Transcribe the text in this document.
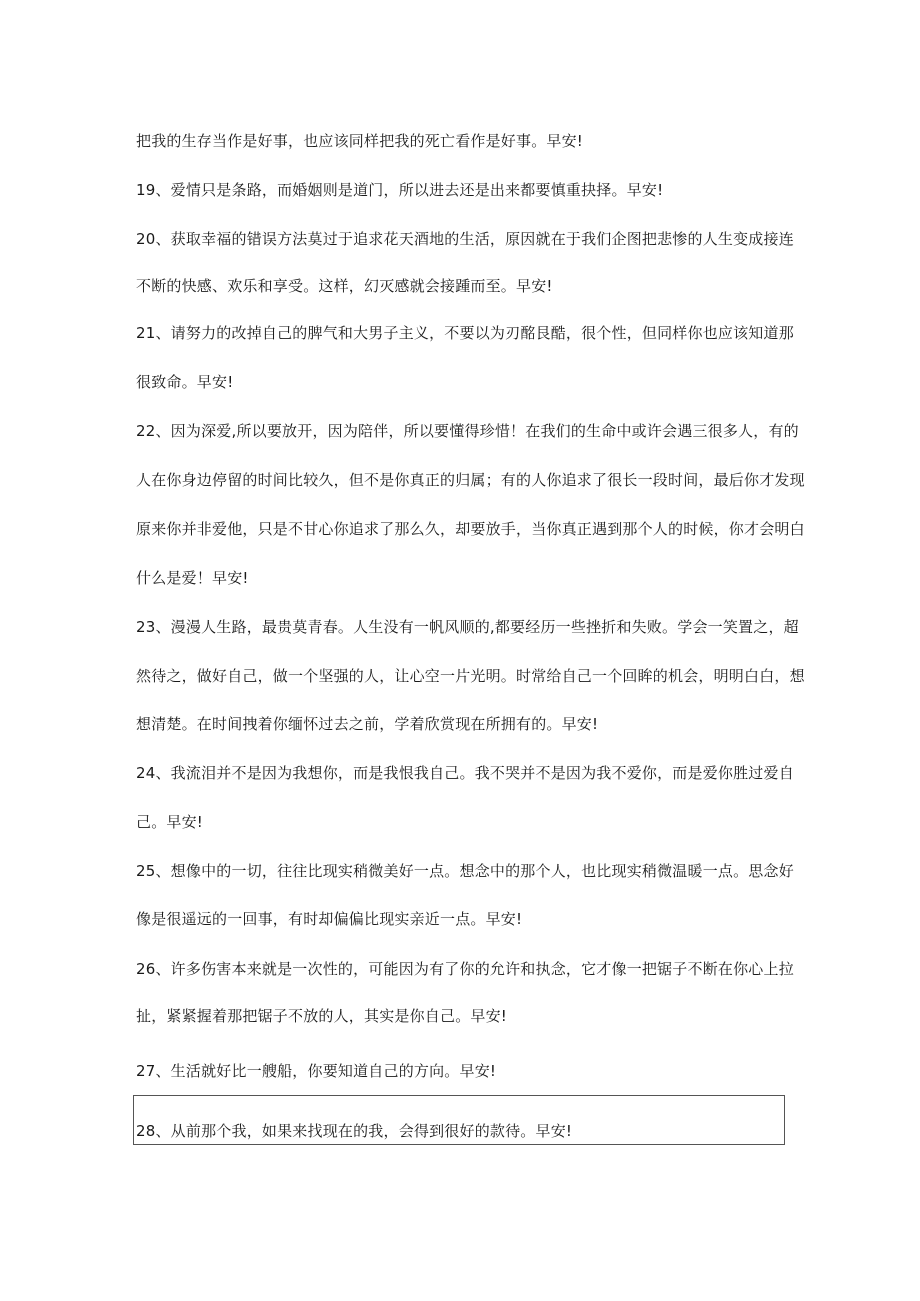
把我的生存当作是好事，也应该同样把我的死亡看作是好事。早安!
19、爱情只是条路，而婚姻则是道门，所以进去还是出来都要慎重抉择。早安!
20、获取幸福的错误方法莫过于追求花天酒地的生活，原因就在于我们企图把悲惨的人生变成接连
不断的快感、欢乐和享受。这样，幻灭感就会接踵而至。早安!
21、请努力的改掉自己的脾气和大男子主义，不要以为刃酩艮酷，很个性，但同样你也应该知道那
很致命。早安!
22、因为深爱,所以要放开，因为陪伴，所以要懂得珍惜！在我们的生命中或许会遇三很多人，有的
人在你身边停留的时间比较久，但不是你真正的归属；有的人你追求了很长一段时间，最后你才发现
原来你并非爱他，只是不甘心你追求了那么久，却要放手，当你真正遇到那个人的时候，你才会明白
什么是爱！早安!
23、漫漫人生路，最贵莫青春。人生没有一帆风顺的,都要经历一些挫折和失败。学会一笑置之，超
然待之，做好自己，做一个坚强的人，让心空一片光明。时常给自己一个回眸的机会，明明白白，想
想清楚。在时间拽着你缅怀过去之前，学着欣赏现在所拥有的。早安!
24、我流泪并不是因为我想你，而是我恨我自己。我不哭并不是因为我不爱你，而是爱你胜过爱自
己。早安!
25、想像中的一切，往往比现实稍微美好一点。想念中的那个人，也比现实稍微温暖一点。思念好
像是很遥远的一回事，有时却偏偏比现实亲近一点。早安!
26、许多伤害本来就是一次性的，可能因为有了你的允许和执念，它才像一把锯子不断在你心上拉
扯，紧紧握着那把锯子不放的人，其实是你自己。早安!
27、生活就好比一艘船，你要知道自己的方向。早安!
28、从前那个我，如果来找现在的我，会得到很好的款待。早安!
